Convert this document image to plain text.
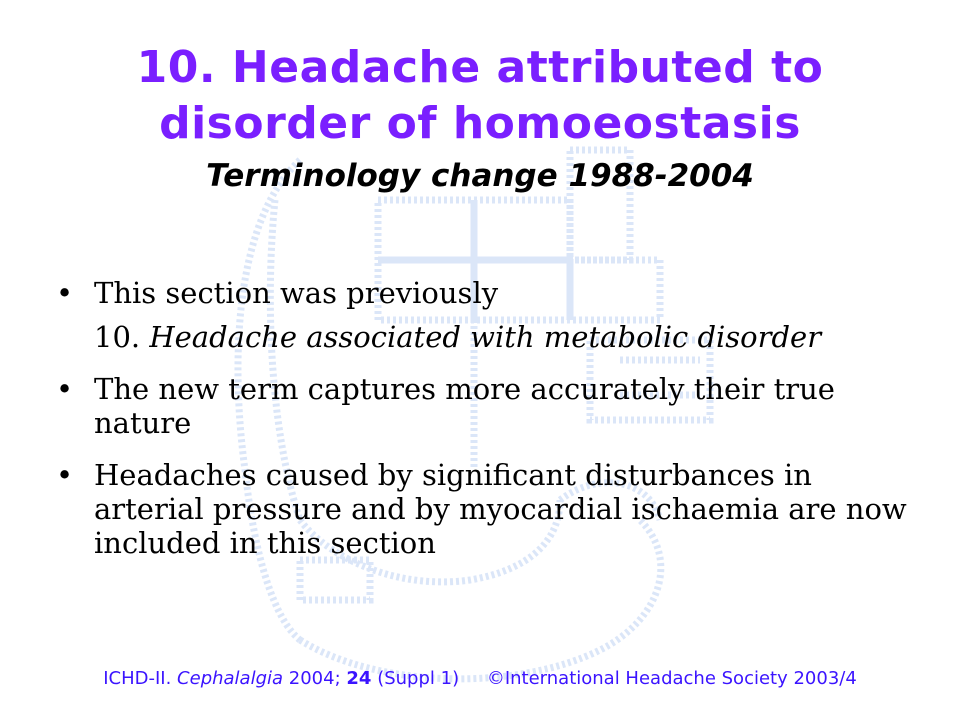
10. Headache attributed to
disorder of homoeostasis
Terminology change 1988-2004
• This section was previously
10. Headache associated with metabolic disorder
• The new term captures more accurately their true nature
• Headaches caused by significant disturbances in arterial pressure and by myocardial ischaemia are now included in this section
ICHD-II. Cephalalgia 2004; 24 (Suppl 1) ©International Headache Society 2003/4
